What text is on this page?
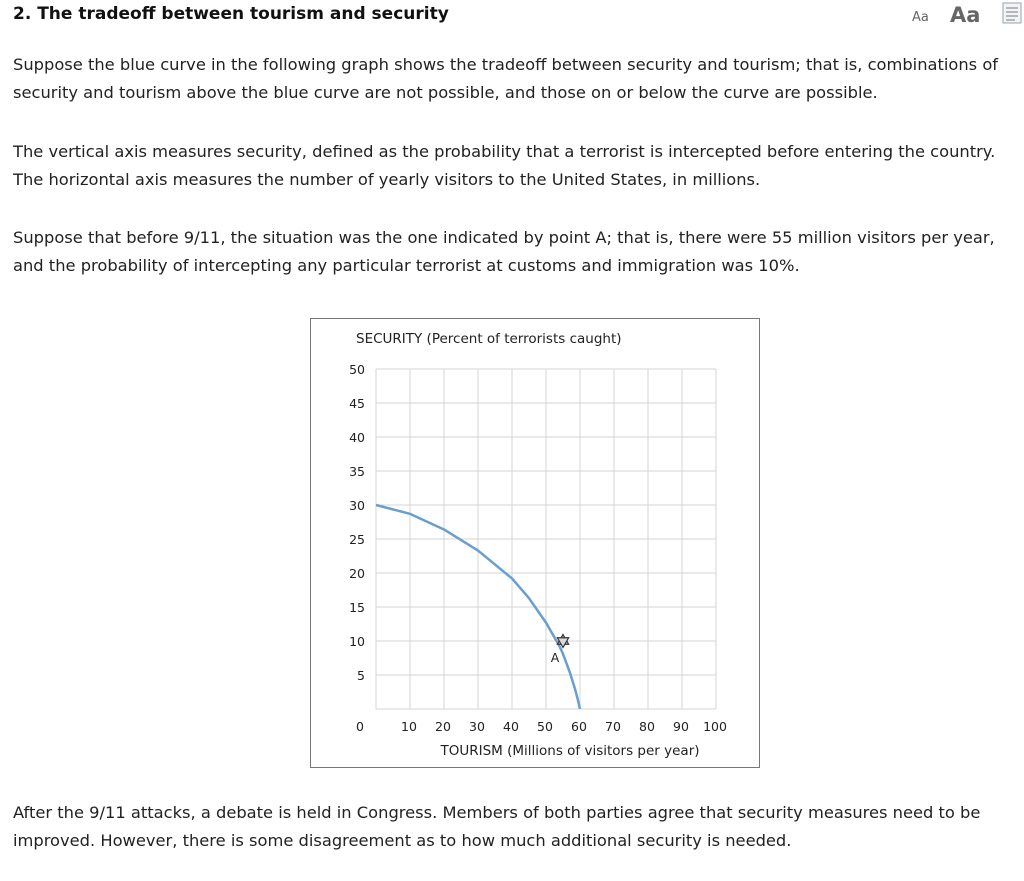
2. The tradeoff between tourism and security	Aa Aa

Suppose the blue curve in the following graph shows the tradeoff between security and tourism; that is, combinations of security and tourism above the blue curve are not possible, and those on or below the curve are possible.

The vertical axis measures security, defined as the probability that a terrorist is intercepted before entering the country. The horizontal axis measures the number of yearly visitors to the United States, in millions.

Suppose that before 9/11, the situation was the one indicated by point A; that is, there were 55 million visitors per year, and the probability of intercepting any particular terrorist at customs and immigration was 10%.

SECURITY (Percent of terrorists caught)
5
10
15
20
25
30
35
40
45
50
0	10 20 30 40 50 60 70 80 90 100
TOURISM (Millions of visitors per year)
A

After the 9/11 attacks, a debate is held in Congress. Members of both parties agree that security measures need to be improved. However, there is some disagreement as to how much additional security is needed.
